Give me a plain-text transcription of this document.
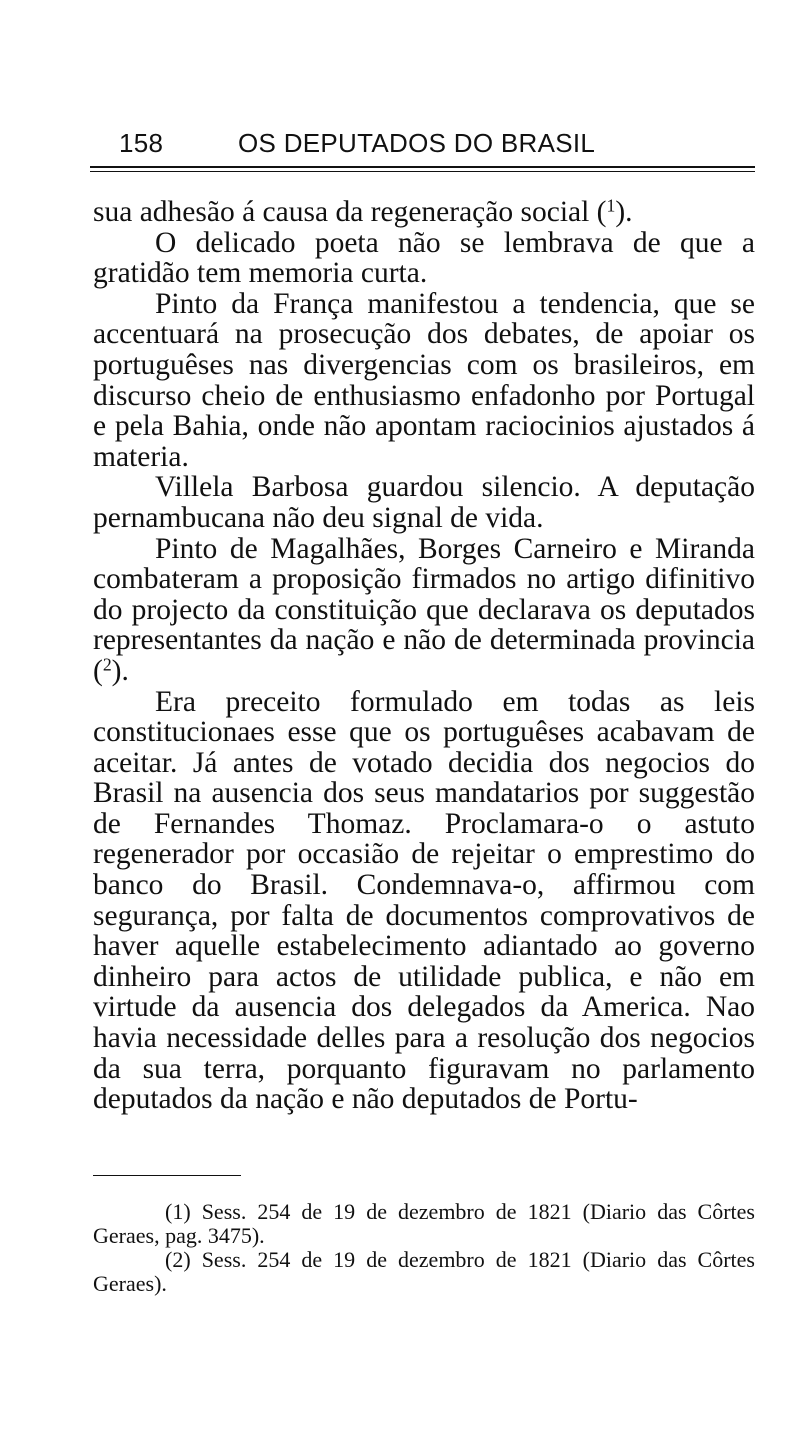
158	OS DEPUTADOS DO BRASIL

sua adhesão á causa da regeneração social ($^1$).

O delicado poeta não se lembrava de que a gratidão tem memoria curta.

Pinto da França manifestou a tendencia, que se accentuará na prosecução dos debates, de apoiar os portuguêses nas divergencias com os brasileiros, em discurso cheio de enthusiasmo enfadonho por Portugal e pela Bahia, onde não apontam raciocinios ajustados á materia.

Villela Barbosa guardou silencio. A deputação pernambucana não deu signal de vida.

Pinto de Magalhães, Borges Carneiro e Miranda combateram a proposição firmados no artigo difinitivo do projecto da constituição que declarava os deputados representantes da nação e não de determinada provincia ($^2$).

Era preceito formulado em todas as leis constitucionaes esse que os portuguêses acabavam de aceitar. Já antes de votado decidia dos negocios do Brasil na ausencia dos seus mandatarios por suggestão de Fernandes Thomaz. Proclamara-o o astuto regenerador por occasião de rejeitar o emprestimo do banco do Brasil. Condemnava-o, affirmou com segurança, por falta de documentos comprovativos de haver aquelle estabelecimento adiantado ao governo dinheiro para actos de utilidade publica, e não em virtude da ausencia dos delegados da America. Nao havia necessidade delles para a resolução dos negocios da sua terra, porquanto figuravam no parlamento deputados da nação e não deputados de Portu-

(1) Sess. 254 de 19 de dezembro de 1821 (Diario das Côrtes Geraes, pag. 3475).

(2) Sess. 254 de 19 de dezembro de 1821 (Diario das Côrtes Geraes).
